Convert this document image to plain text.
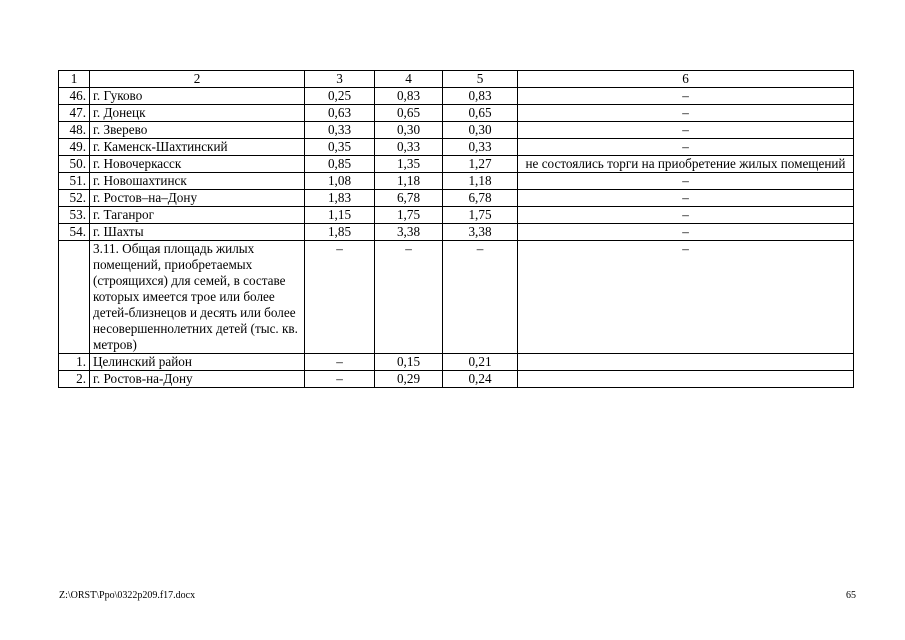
1	2	3	4	5	6
46.	г. Гуково	0,25	0,83	0,83	–
47.	г. Донецк	0,63	0,65	0,65	–
48.	г. Зверево	0,33	0,30	0,30	–
49.	г. Каменск-Шахтинский	0,35	0,33	0,33	–
50.	г. Новочеркасск	0,85	1,35	1,27	не состоялись торги на приобретение жилых помещений
51.	г. Новошахтинск	1,08	1,18	1,18	–
52.	г. Ростов–на–Дону	1,83	6,78	6,78	–
53.	г. Таганрог	1,15	1,75	1,75	–
54.	г. Шахты	1,85	3,38	3,38	–
	3.11. Общая площадь жилых помещений, приобретаемых (строящихся) для семей, в составе которых имеется трое или более детей-близнецов и десять или более несовершеннолетних детей (тыс. кв. метров)	–	–	–	–
1.	Целинский район	–	0,15	0,21	
2.	г. Ростов-на-Дону	–	0,29	0,24	
Z:\ORST\Ppo\0322p209.f17.docx	65
